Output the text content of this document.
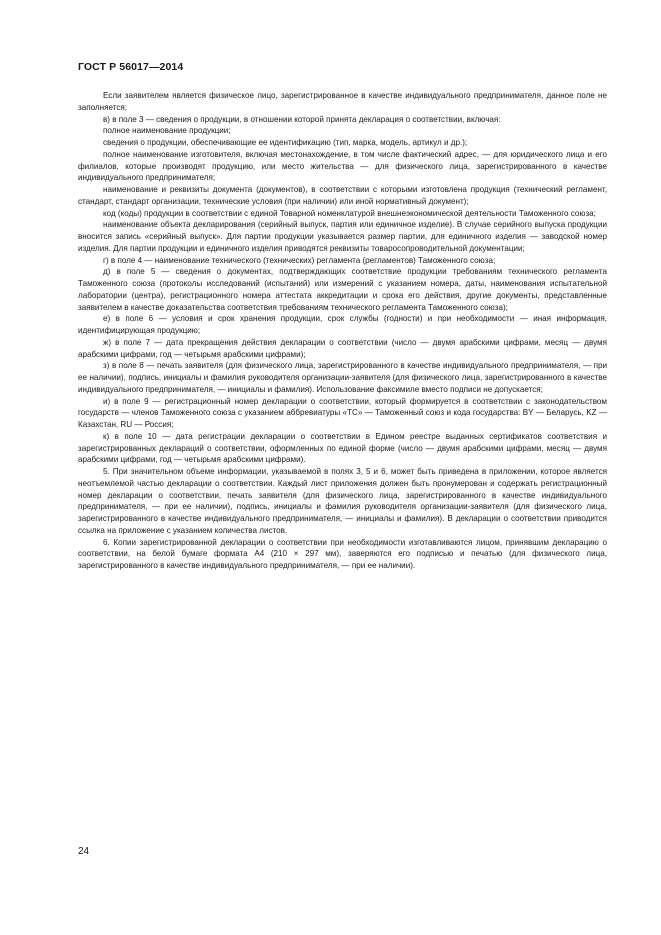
ГОСТ Р 56017—2014

Если заявителем является физическое лицо, зарегистрированное в качестве индивидуального предпринимателя, данное поле не заполняется;

в) в поле 3 — сведения о продукции, в отношении которой принята декларация о соответствии, включая:

полное наименование продукции;

сведения о продукции, обеспечивающие ее идентификацию (тип, марка, модель, артикул и др.);

полное наименование изготовителя, включая местонахождение, в том числе фактический адрес, — для юридического лица и его филиалов, которые производят продукцию, или место жительства — для физического лица, зарегистрированного в качестве индивидуального предпринимателя;

наименование и реквизиты документа (документов), в соответствии с которыми изготовлена продукция (технический регламент, стандарт, стандарт организации, технические условия (при наличии) или иной нормативный документ);

код (коды) продукции в соответствии с единой Товарной номенклатурой внешнеэкономической деятельности Таможенного союза;

наименование объекта декларирования (серийный выпуск, партия или единичное изделие). В случае серийного выпуска продукции вносится запись «серийный выпуск». Для партии продукции указывается размер партии, для единичного изделия — заводской номер изделия. Для партии продукции и единичного изделия приводятся реквизиты товаросопроводительной документации;

г) в поле 4 — наименование технического (технических) регламента (регламентов) Таможенного союза;

д) в поле 5 — сведения о документах, подтверждающих соответствие продукции требованиям технического регламента Таможенного союза (протоколы исследований (испытаний) или измерений с указанием номера, даты, наименования испытательной лаборатории (центра), регистрационного номера аттестата аккредитации и срока его действия, другие документы, представленные заявителем в качестве доказательства соответствия требованиям технического регламента Таможенного союза);

е) в поле 6 — условия и срок хранения продукции, срок службы (годности) и при необходимости — иная информация, идентифицирующая продукцию;

ж) в поле 7 — дата прекращения действия декларации о соответствии (число — двумя арабскими цифрами, месяц — двумя арабскими цифрами, год — четырьмя арабскими цифрами);

з) в поле 8 — печать заявителя (для физического лица, зарегистрированного в качестве индивидуального предпринимателя, — при ее наличии), подпись, инициалы и фамилия руководителя организации-заявителя (для физического лица, зарегистрированного в качестве индивидуального предпринимателя, — инициалы и фамилия). Использование факсимиле вместо подписи не допускается;

и) в поле 9 — регистрационный номер декларации о соответствии, который формируется в соответствии с законодательством государств — членов Таможенного союза с указанием аббревиатуры «ТС» — Таможенный союз и кода государства: BY — Беларусь, KZ — Казахстан, RU — Россия;

к) в поле 10 — дата регистрации декларации о соответствии в Едином реестре выданных сертификатов соответствия и зарегистрированных деклараций о соответствии, оформленных по единой форме (число — двумя арабскими цифрами, месяц — двумя арабскими цифрами, год — четырьмя арабскими цифрами).

5. При значительном объеме информации, указываемой в полях 3, 5 и 6, может быть приведена в приложении, которое является неотъемлемой частью декларации о соответствии. Каждый лист приложения должен быть пронумерован и содержать регистрационный номер декларации о соответствии, печать заявителя (для физического лица, зарегистрированного в качестве индивидуального предпринимателя, — при ее наличии), подпись, инициалы и фамилия руководителя организации-заявителя (для физического лица, зарегистрированного в качестве индивидуального предпринимателя, — инициалы и фамилия). В декларации о соответствии приводится ссылка на приложение с указанием количества листов.

6. Копии зарегистрированной декларации о соответствии при необходимости изготавливаются лицом, принявшим декларацию о соответствии, на белой бумаге формата А4 (210 × 297 мм), заверяются его подписью и печатью (для физического лица, зарегистрированного в качестве индивидуального предпринимателя, — при ее наличии).

24
